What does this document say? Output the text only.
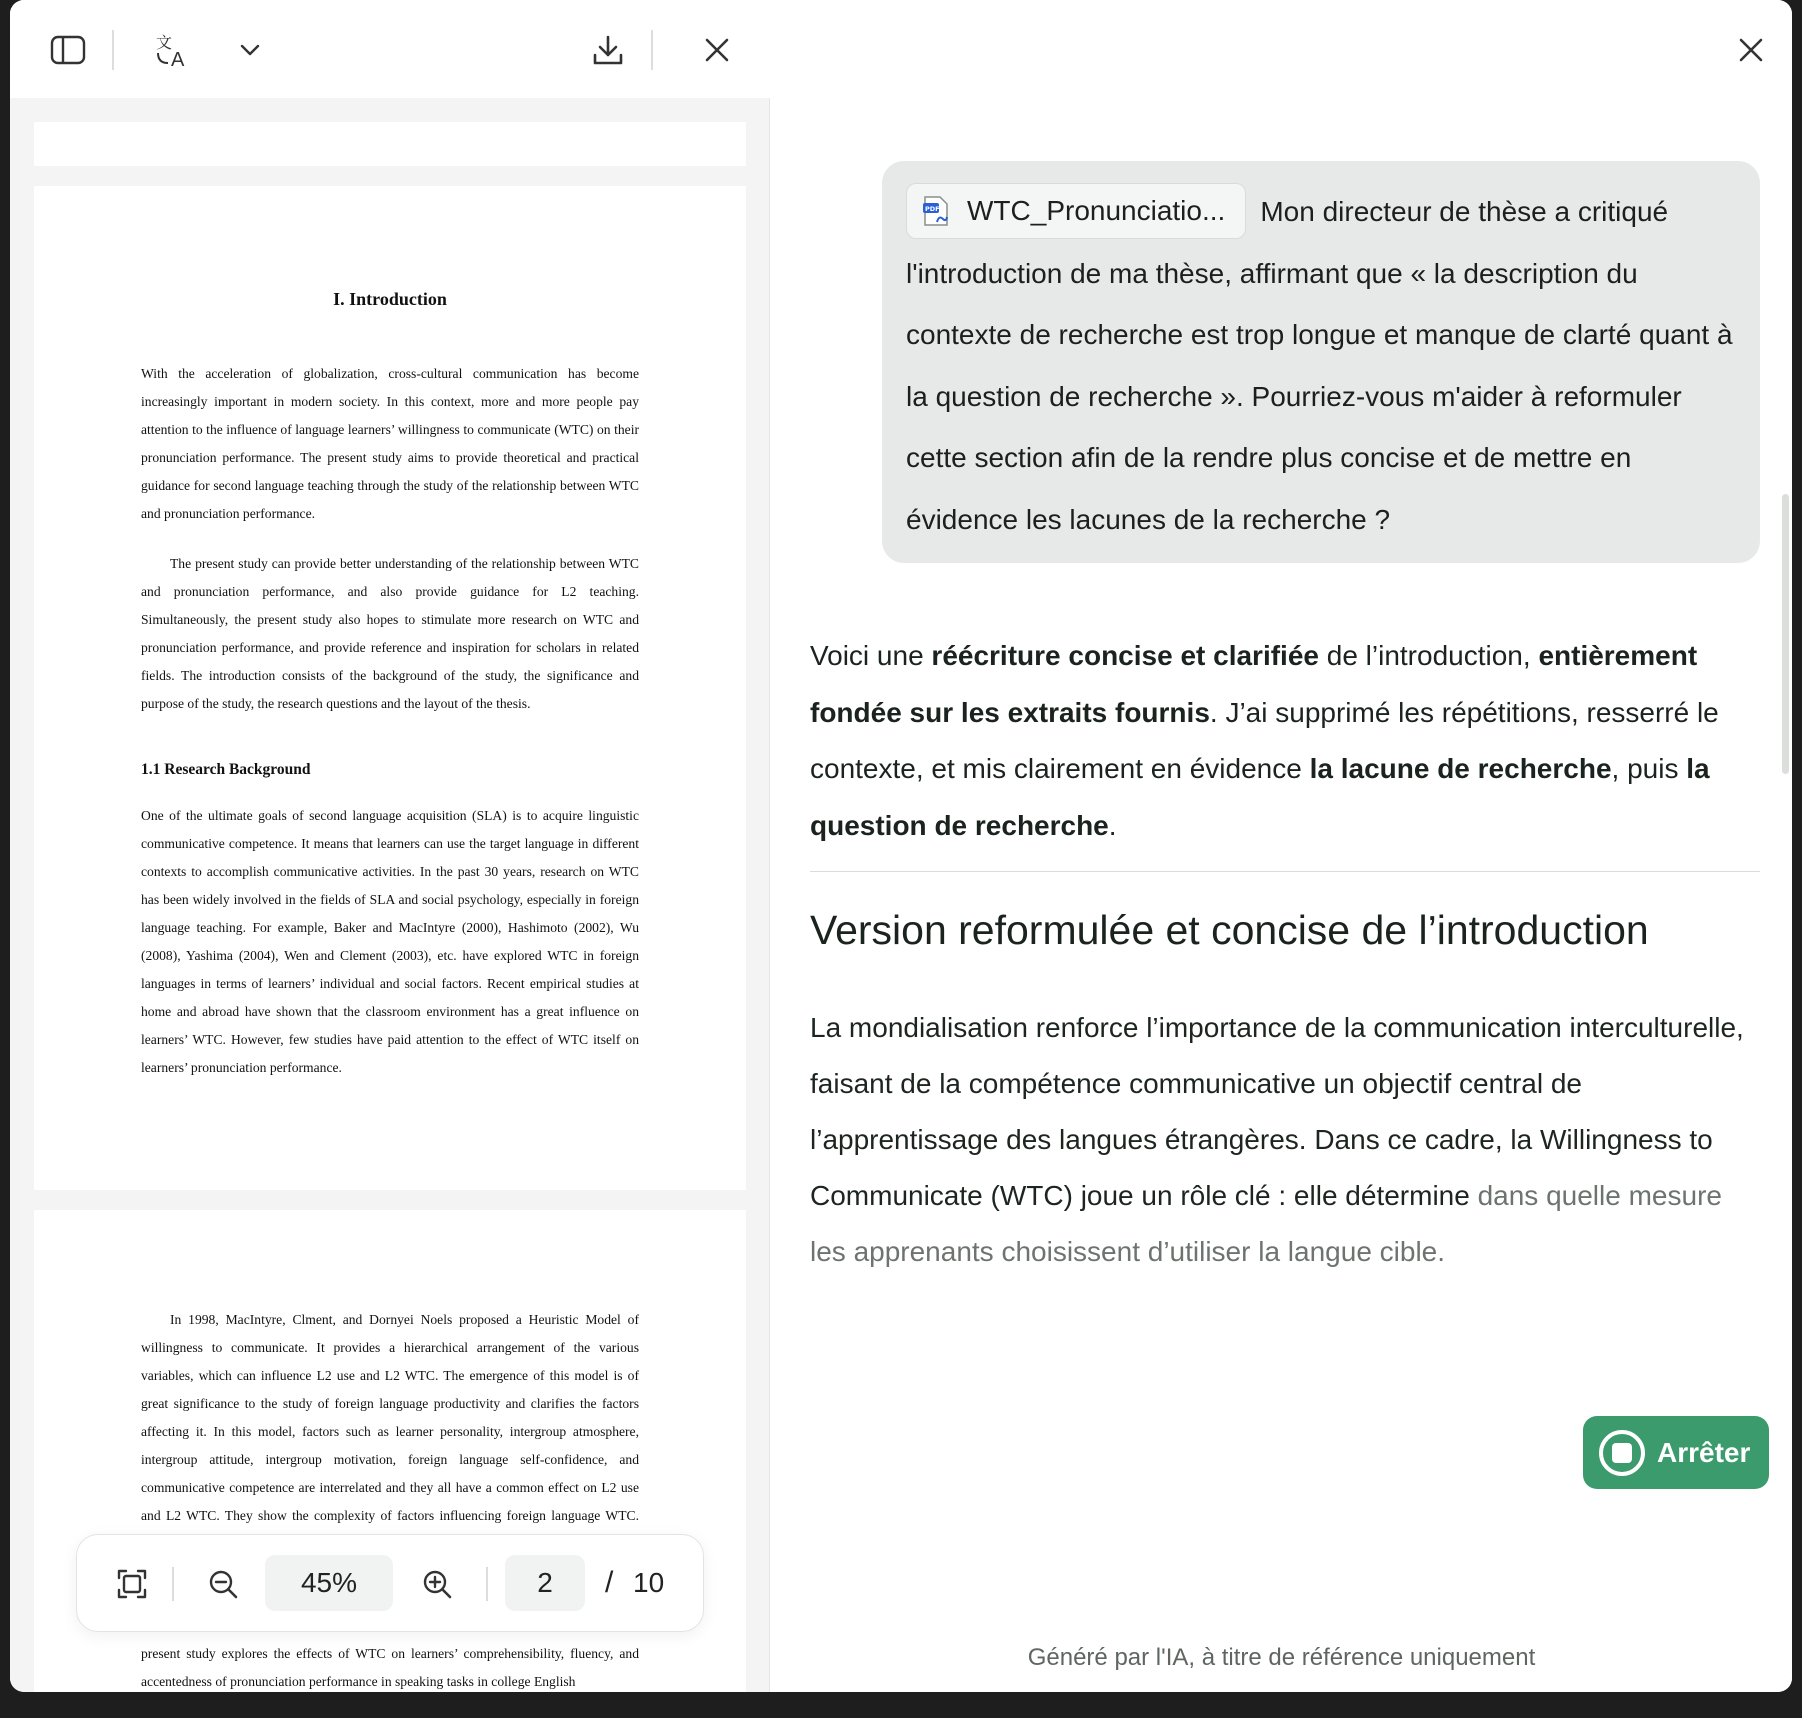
文
A
I. Introduction
With the acceleration of globalization, cross-cultural communication has become increasingly important in modern society. In this context, more and more people pay attention to the influence of language learners’ willingness to communicate (WTC) on their pronunciation performance. The present study aims to provide theoretical and practical guidance for second language teaching through the study of the relationship between WTC and pronunciation performance.
The present study can provide better understanding of the relationship between WTC and pronunciation performance, and also provide guidance for L2 teaching. Simultaneously, the present study also hopes to stimulate more research on WTC and pronunciation performance, and provide reference and inspiration for scholars in related fields. The introduction consists of the background of the study, the significance and purpose of the study, the research questions and the layout of the thesis.
1.1 Research Background
One of the ultimate goals of second language acquisition (SLA) is to acquire linguistic communicative competence. It means that learners can use the target language in different contexts to accomplish communicative activities. In the past 30 years, research on WTC has been widely involved in the fields of SLA and social psychology, especially in foreign language teaching. For example, Baker and MacIntyre (2000), Hashimoto (2002), Wu (2008), Yashima (2004), Wen and Clement (2003), etc. have explored WTC in foreign languages in terms of learners’ individual and social factors. Recent empirical studies at home and abroad have shown that the classroom environment has a great influence on learners’ WTC. However, few studies have paid attention to the effect of WTC itself on learners’ pronunciation performance.
In 1998, MacIntyre, Clment, and Dornyei Noels proposed a Heuristic Model of willingness to communicate. It provides a hierarchical arrangement of the various variables, which can influence L2 use and L2 WTC. The emergence of this model is of great significance to the study of foreign language productivity and clarifies the factors affecting it. In this model, factors such as learner personality, intergroup atmosphere, intergroup attitude, intergroup motivation, foreign language self-confidence, and communicative competence are interrelated and they all have a common effect on L2 use and L2 WTC. They show the complexity of factors influencing foreign language WTC.
present study explores the effects of WTC on learners’ comprehensibility, fluency, and accentedness of pronunciation performance in speaking tasks in college English
45%	2	/ 10
PDF WTC_Pronunciatio... Mon directeur de thèse a critiqué l'introduction de ma thèse, affirmant que « la description du contexte de recherche est trop longue et manque de clarté quant à la question de recherche ». Pourriez-vous m'aider à reformuler cette section afin de la rendre plus concise et de mettre en évidence les lacunes de la recherche ?
Voici une réécriture concise et clarifiée de l’introduction, entièrement fondée sur les extraits fournis. J’ai supprimé les répétitions, resserré le contexte, et mis clairement en évidence la lacune de recherche, puis la question de recherche.
Version reformulée et concise de l’introduction
La mondialisation renforce l’importance de la communication interculturelle, faisant de la compétence communicative un objectif central de l’apprentissage des langues étrangères. Dans ce cadre, la Willingness to Communicate (WTC) joue un rôle clé : elle détermine dans quelle mesure les apprenants choisissent d’utiliser la langue cible.
Arrêter
Généré par l'IA, à titre de référence uniquement
